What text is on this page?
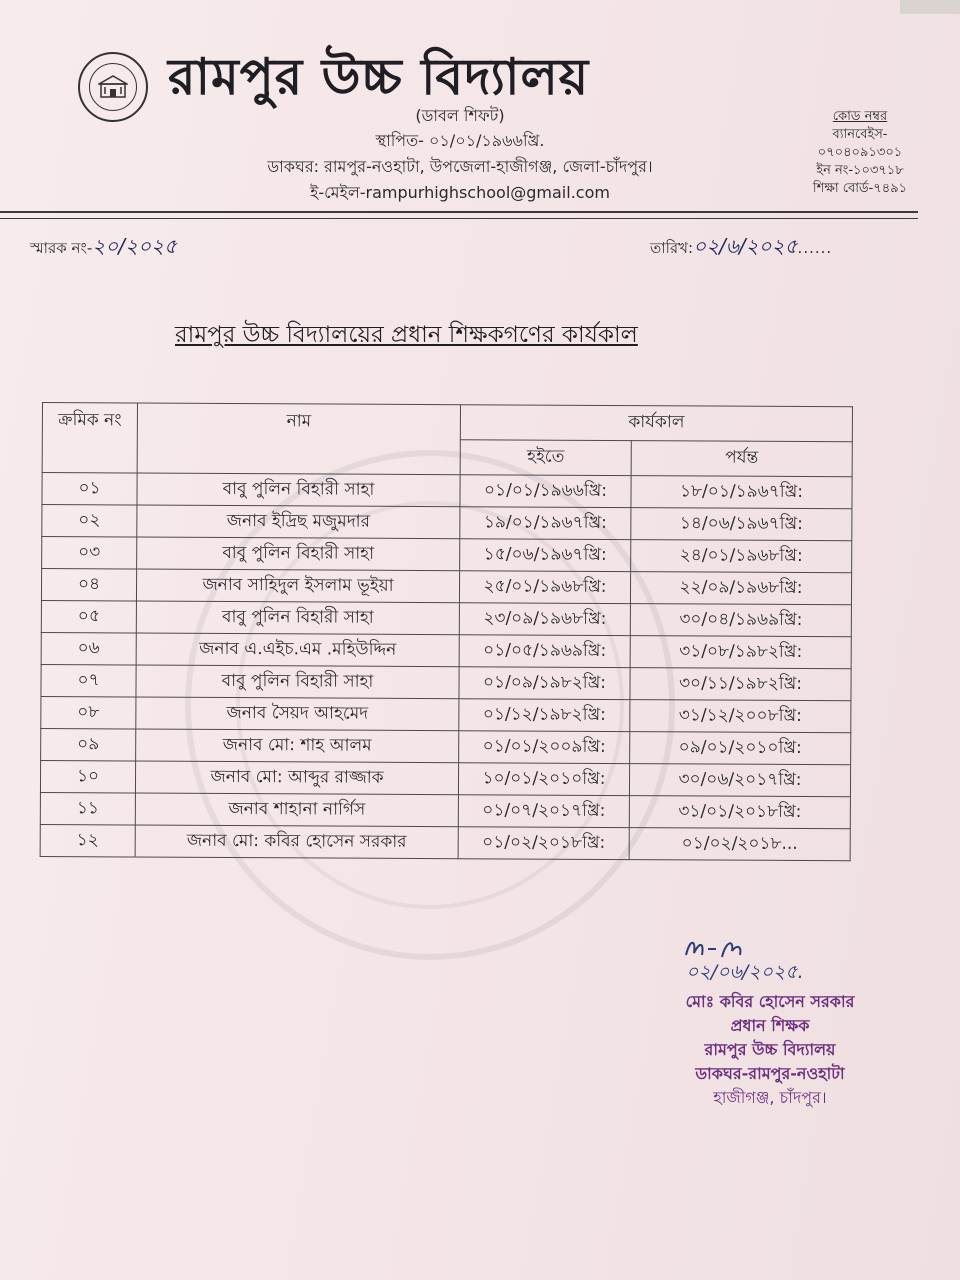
রামপুর উচ্চ বিদ্যালয়
(ডাবল শিফট)
স্থাপিত- ০১/০১/১৯৬৬খ্রি.
ডাকঘর: রামপুর-নওহাটা, উপজেলা-হাজীগঞ্জ, জেলা-চাঁদপুর।
ই-মেইল-rampurhighschool@gmail.com
কোড নম্বর
ব্যানবেইস-
০৭০৪০৯১৩০১
ইন নং-১০৩৭১৮
শিক্ষা বোর্ড-৭৪৯১
স্মারক নং-২০/২০২৫	তারিখ:০২/৬/২০২৫......
রামপুর উচ্চ বিদ্যালয়ের প্রধান শিক্ষকগণের কার্যকাল
ক্রমিক নং	নাম	কার্যকাল	
		হইতে	পর্যন্ত
০১	বাবু পুলিন বিহারী সাহা	০১/০১/১৯৬৬খ্রি:	১৮/০১/১৯৬৭খ্রি:
০২	জনাব ইদ্রিছ মজুমদার	১৯/০১/১৯৬৭খ্রি:	১৪/০৬/১৯৬৭খ্রি:
০৩	বাবু পুলিন বিহারী সাহা	১৫/০৬/১৯৬৭খ্রি:	২৪/০১/১৯৬৮খ্রি:
০৪	জনাব সাহিদুল ইসলাম ভূইয়া	২৫/০১/১৯৬৮খ্রি:	২২/০৯/১৯৬৮খ্রি:
০৫	বাবু পুলিন বিহারী সাহা	২৩/০৯/১৯৬৮খ্রি:	৩০/০৪/১৯৬৯খ্রি:
০৬	জনাব এ.এইচ.এম .মহিউদ্দিন	০১/০৫/১৯৬৯খ্রি:	৩১/০৮/১৯৮২খ্রি:
০৭	বাবু পুলিন বিহারী সাহা	০১/০৯/১৯৮২খ্রি:	৩০/১১/১৯৮২খ্রি:
০৮	জনাব সৈয়দ আহমেদ	০১/১২/১৯৮২খ্রি:	৩১/১২/২০০৮খ্রি:
০৯	জনাব মো: শাহ আলম	০১/০১/২০০৯খ্রি:	০৯/০১/২০১০খ্রি:
১০	জনাব মো: আব্দুর রাজ্জাক	১০/০১/২০১০খ্রি:	৩০/০৬/২০১৭খ্রি:
১১	জনাব শাহানা নার্গিস	০১/০৭/২০১৭খ্রি:	৩১/০১/২০১৮খ্রি:
১২	জনাব মো: কবির হোসেন সরকার	০১/০২/২০১৮খ্রি:	০১/০২/২০১৮...
০২/০৬/২০২৫.
মোঃ কবির হোসেন সরকার
প্রধান শিক্ষক
রামপুর উচ্চ বিদ্যালয়
ডাকঘর-রামপুর-নওহাটা
হাজীগঞ্জ, চাঁদপুর।
